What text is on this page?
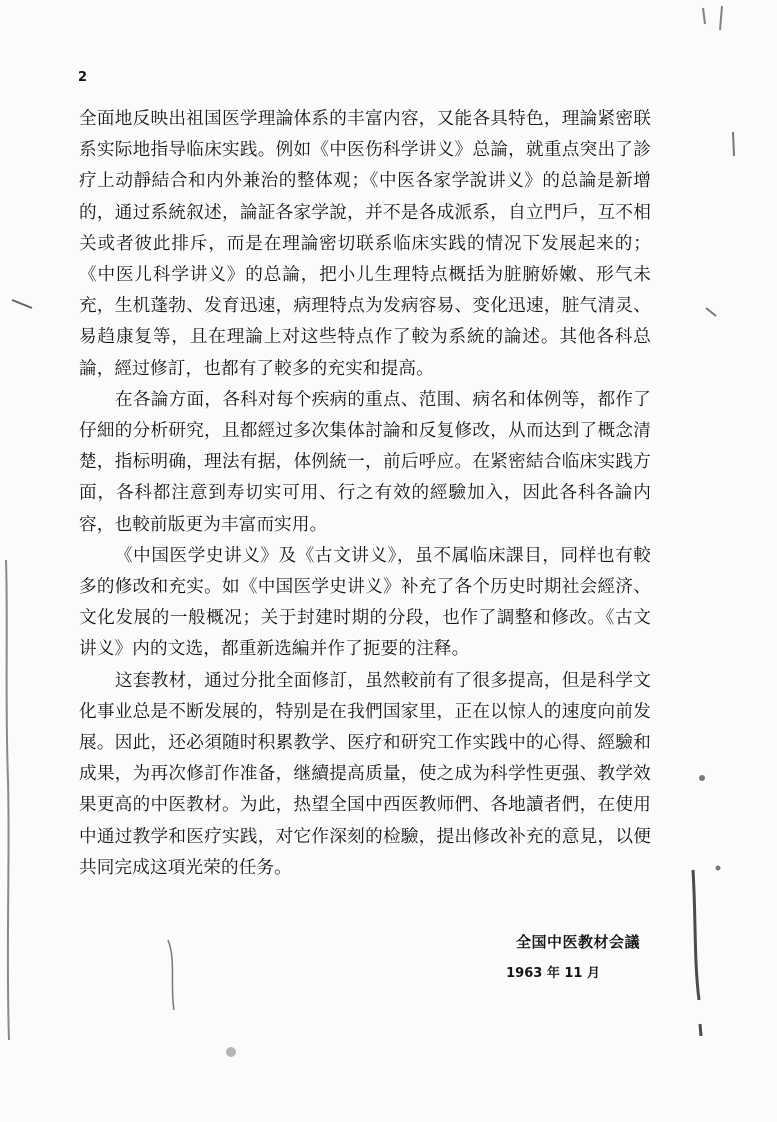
2

全面地反映出祖国医学理論体系的丰富内容，又能各具特色，理論紧密联系实际地指导临床实践。例如《中医伤科学讲义》总論，就重点突出了診疗上动靜結合和内外兼治的整体观；《中医各家学說讲义》的总論是新增的，通过系統叙述，論証各家学說，并不是各成派系，自立門戶，互不相关或者彼此排斥，而是在理論密切联系临床实践的情况下发展起来的；《中医儿科学讲义》的总論，把小儿生理特点概括为脏腑娇嫩、形气未充，生机蓬勃、发育迅速，病理特点为发病容易、变化迅速，脏气清灵、易趋康复等，且在理論上对这些特点作了較为系統的論述。其他各科总論，經过修訂，也都有了較多的充实和提高。

在各論方面，各科对每个疾病的重点、范围、病名和体例等，都作了仔細的分析研究，且都經过多次集体討論和反复修改，从而达到了概念清楚，指标明确，理法有据，体例統一，前后呼应。在紧密結合临床实践方面，各科都注意到寿切实可用、行之有效的經驗加入，因此各科各論内容，也較前版更为丰富而实用。

《中国医学史讲义》及《古文讲义》，虽不属临床課目，同样也有較多的修改和充实。如《中国医学史讲义》补充了各个历史时期社会經济、文化发展的一般概况；关于封建时期的分段，也作了調整和修改。《古文讲义》内的文选，都重新选編并作了扼要的注释。

这套教材，通过分批全面修訂，虽然較前有了很多提高，但是科学文化事业总是不断发展的，特别是在我們国家里，正在以惊人的速度向前发展。因此，还必須随时积累教学、医疗和研究工作实践中的心得、經驗和成果，为再次修訂作准备，继續提高质量，使之成为科学性更强、教学效果更高的中医教材。为此，热望全国中西医教师們、各地讀者們，在使用中通过教学和医疗实践，对它作深刻的检驗，提出修改补充的意見，以便共同完成这項光荣的任务。

全国中医教材会議
1963 年 11 月
